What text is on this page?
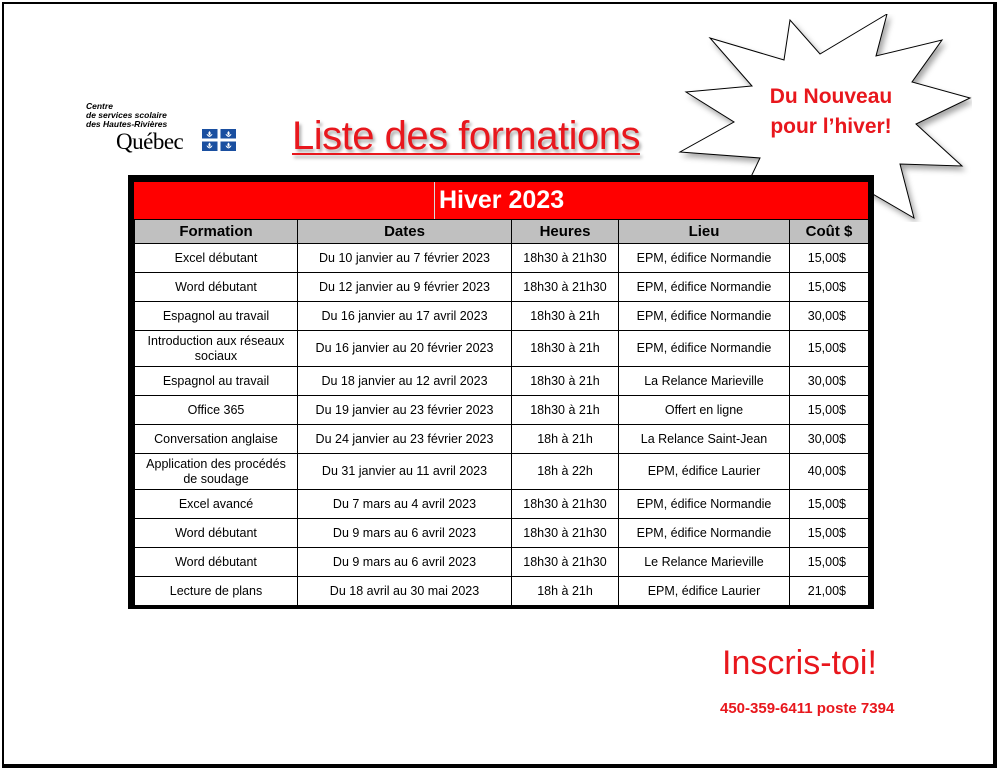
Centre
de services scolaire
des Hautes-Rivières
Québec	Liste des formations
Du Nouveau
pour l’hiver!
Hiver 2023
Formation	Dates	Heures	Lieu	Coût $
Excel débutant	Du 10 janvier au 7 février 2023	18h30 à 21h30	EPM, édifice Normandie	15,00$
Word débutant	Du 12 janvier au 9 février 2023	18h30 à 21h30	EPM, édifice Normandie	15,00$
Espagnol au travail	Du 16 janvier au 17 avril 2023	18h30 à 21h	EPM, édifice Normandie	30,00$
Introduction aux réseaux sociaux	Du 16 janvier au 20 février 2023	18h30 à 21h	EPM, édifice Normandie	15,00$
Espagnol au travail	Du 18 janvier au 12 avril 2023	18h30 à 21h	La Relance Marieville	30,00$
Office 365	Du 19 janvier au 23 février 2023	18h30 à 21h	Offert en ligne	15,00$
Conversation anglaise	Du 24 janvier au 23 février 2023	18h à 21h	La Relance Saint-Jean	30,00$
Application des procédés de soudage	Du 31 janvier au 11 avril 2023	18h à 22h	EPM, édifice Laurier	40,00$
Excel avancé	Du 7 mars au 4 avril 2023	18h30 à 21h30	EPM, édifice Normandie	15,00$
Word débutant	Du 9 mars au 6 avril 2023	18h30 à 21h30	EPM, édifice Normandie	15,00$
Word débutant	Du 9 mars au 6 avril 2023	18h30 à 21h30	Le Relance Marieville	15,00$
Lecture de plans	Du 18 avril au 30 mai 2023	18h à 21h	EPM, édifice Laurier	21,00$
Inscris-toi!
450-359-6411 poste 7394
